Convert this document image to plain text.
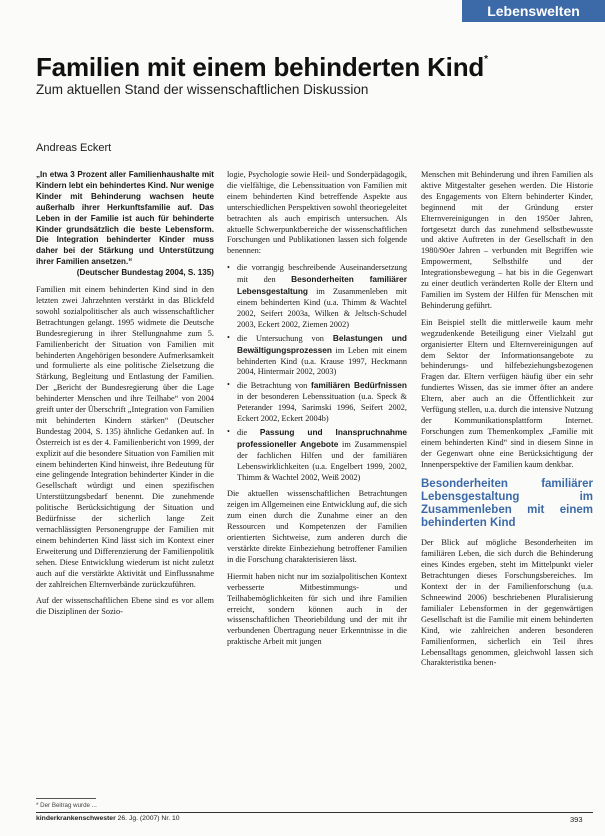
Lebenswelten
Familien mit einem behinderten Kind*
Zum aktuellen Stand der wissenschaftlichen Diskussion
Andreas Eckert

„In etwa 3 Prozent aller Familienhaushalte mit Kindern lebt ein behindertes Kind. Nur wenige Kinder mit Behinderung wachsen heute außerhalb ihrer Herkunftsfamilie auf. Das Leben in der Familie ist auch für behinderte Kinder grundsätzlich die beste Lebensform. Die Integration behinderter Kinder muss daher bei der Stärkung und Unterstützung ihrer Familien ansetzen.“
(Deutscher Bundestag 2004, S. 135)

Familien mit einem behinderten Kind sind in den letzten zwei Jahrzehnten verstärkt in das Blickfeld sowohl sozialpolitischer als auch wissenschaftlicher Betrachtungen gelangt. 1995 widmete die Deutsche Bundesregierung in ihrer Stellungnahme zum 5. Familienbericht der Situation von Familien mit behinderten Angehörigen besondere Aufmerksamkeit und formulierte als eine politische Zielsetzung die Stärkung, Begleitung und Entlastung der Familien. Der „Bericht der Bundesregierung über die Lage behinderter Menschen und ihre Teilhabe“ von 2004 greift unter der Überschrift „Integration von Familien mit behinderten Kindern stärken“ (Deutscher Bundestag 2004, S. 135) ähnliche Gedanken auf. In Österreich ist es der 4. Familienbericht von 1999, der explizit auf die besondere Situation von Familien mit einem behinderten Kind hinweist, ihre Bedeutung für eine gelingende Integration behinderter Kinder in die Gesellschaft würdigt und einen spezifischen Unterstützungsbedarf benennt. Die zunehmende politische Berücksichtigung der Situation und Bedürfnisse der sicherlich lange Zeit vernachlässigten Personengruppe der Familien mit einem behinderten Kind lässt sich im Kontext einer Erweiterung und Differenzierung der Familienpolitik sehen. Diese Entwicklung wiederum ist nicht zuletzt auch auf die verstärkte Aktivität und Einflussnahme der zahlreichen Elternverbände zurückzuführen.

Auf der wissenschaftlichen Ebene sind es vor allem die Disziplinen der Sozio-

logie, Psychologie sowie Heil- und Sonderpädagogik, die vielfältige, die Lebenssituation von Familien mit einem behinderten Kind betreffende Aspekte aus unterschiedlichen Perspektiven sowohl theoriegeleitet betrachten als auch empirisch untersuchen. Als aktuelle Schwerpunktbereiche der wissenschaftlichen Forschungen und Publikationen lassen sich folgende benennen:

• die vorrangig beschreibende Auseinandersetzung mit den Besonderheiten familiärer Lebensgestaltung im Zusammenleben mit einem behinderten Kind (u.a. Thimm & Wachtel 2002, Seifert 2003a, Wilken & Jeltsch-Schudel 2003, Eckert 2002, Ziemen 2002)
• die Untersuchung von Belastungen und Bewältigungsprozessen im Leben mit einem behinderten Kind (u.a. Krause 1997, Heckmann 2004, Hintermair 2002, 2003)
• die Betrachtung von familiären Bedürfnissen in der besonderen Lebenssituation (u.a. Speck & Peterander 1994, Sarimski 1996, Seifert 2002, Eckert 2002, Eckert 2004b)
• die Passung und Inanspruchnahme professioneller Angebote im Zusammenspiel der fachlichen Hilfen und der familiären Lebenswirklichkeiten (u.a. Engelbert 1999, 2002, Thimm & Wachtel 2002, Weiß 2002)

Die aktuellen wissenschaftlichen Betrachtungen zeigen im Allgemeinen eine Entwicklung auf, die sich zum einen durch die Zunahme einer an den Ressourcen und Kompetenzen der Familien orientierten Sichtweise, zum anderen durch die verstärkte direkte Einbeziehung betroffener Familien in die Forschung charakterisieren lässt.

Hiermit haben nicht nur im sozialpolitischen Kontext verbesserte Mitbestimmungs- und Teilhabemöglichkeiten für sich und ihre Familien erreicht, sondern können auch in der wissenschaftlichen Theoriebildung und der mit ihr verbundenen Übertragung neuer Erkenntnisse in die praktische Arbeit mit jungen

Menschen mit Behinderung und ihren Familien als aktive Mitgestalter gesehen werden. Die Historie des Engagements von Eltern behinderter Kinder, beginnend mit der Gründung erster Elternvereinigungen in den 1950er Jahren, fortgesetzt durch das zunehmend selbstbewusste und aktive Auftreten in der Gesellschaft in den 1980/90er Jahren – verbunden mit Begriffen wie Empowerment, Selbsthilfe und der Integrationsbewegung – hat bis in die Gegenwart zu einer deutlich veränderten Rolle der Eltern und Familien im System der Hilfen für Menschen mit Behinderung geführt.

Ein Beispiel stellt die mittlerweile kaum mehr wegzudenkende Beteiligung einer Vielzahl gut organisierter Eltern und Elternvereinigungen auf dem Sektor der Informationsangebote zu behinderungs- und hilfebeziehungsbezogenen Fragen dar. Eltern verfügen häufig über ein sehr fundiertes Wissen, das sie immer öfter an andere Eltern, aber auch an die Öffentlichkeit zur Verfügung stellen, u.a. durch die intensive Nutzung der Kommunikationsplattform Internet. Forschungen zum Themenkomplex „Familie mit einem behinderten Kind“ sind in diesem Sinne in der Gegenwart ohne eine Berücksichtigung der Innenperspektive der Familien kaum denkbar.

Besonderheiten familiärer Lebensgestaltung im Zusammenleben mit einem behinderten Kind

Der Blick auf mögliche Besonderheiten im familiären Leben, die sich durch die Behinderung eines Kindes ergeben, steht im Mittelpunkt vieler Betrachtungen dieses Forschungsbereiches. Im Kontext der in der Familienforschung (u.a. Schneewind 2006) beschriebenen Pluralisierung familialer Lebensformen in der gegenwärtigen Gesellschaft ist die Familie mit einem behinderten Kind, wie zahlreichen anderen besonderen Familienformen, sicherlich ein Teil ihres Lebensalltags genommen, gleichwohl lassen sich Charakteristika benen-

* Der Beitrag wurde ...
kinderkrankenschwester 26. Jg. (2007) Nr. 10	393
